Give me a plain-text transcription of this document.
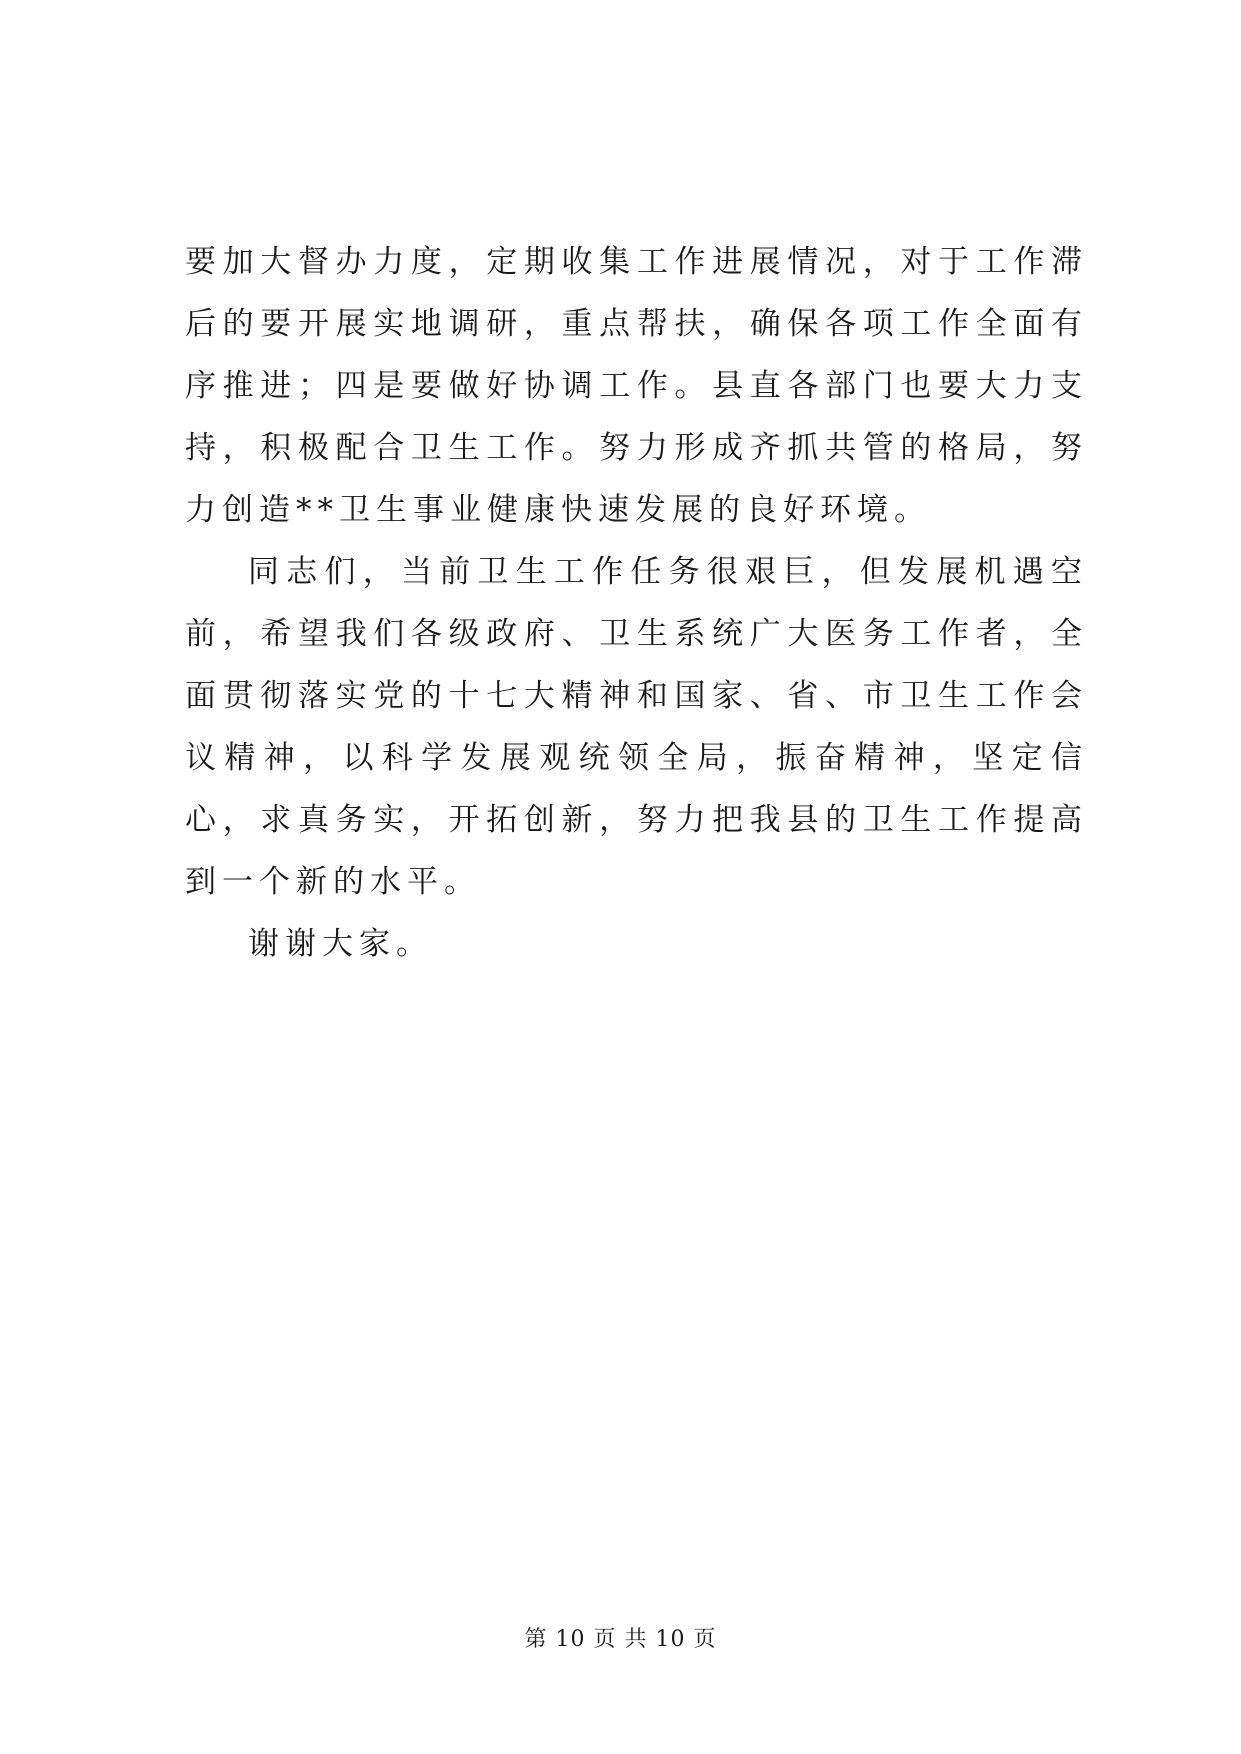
要加大督办力度，定期收集工作进展情况，对于工作滞后的要开展实地调研，重点帮扶，确保各项工作全面有序推进；四是要做好协调工作。县直各部门也要大力支持，积极配合卫生工作。努力形成齐抓共管的格局，努力创造**卫生事业健康快速发展的良好环境。

同志们，当前卫生工作任务很艰巨，但发展机遇空前，希望我们各级政府、卫生系统广大医务工作者，全面贯彻落实党的十七大精神和国家、省、市卫生工作会议精神，以科学发展观统领全局，振奋精神，坚定信心，求真务实，开拓创新，努力把我县的卫生工作提高到一个新的水平。

谢谢大家。

第 10 页 共 10 页
